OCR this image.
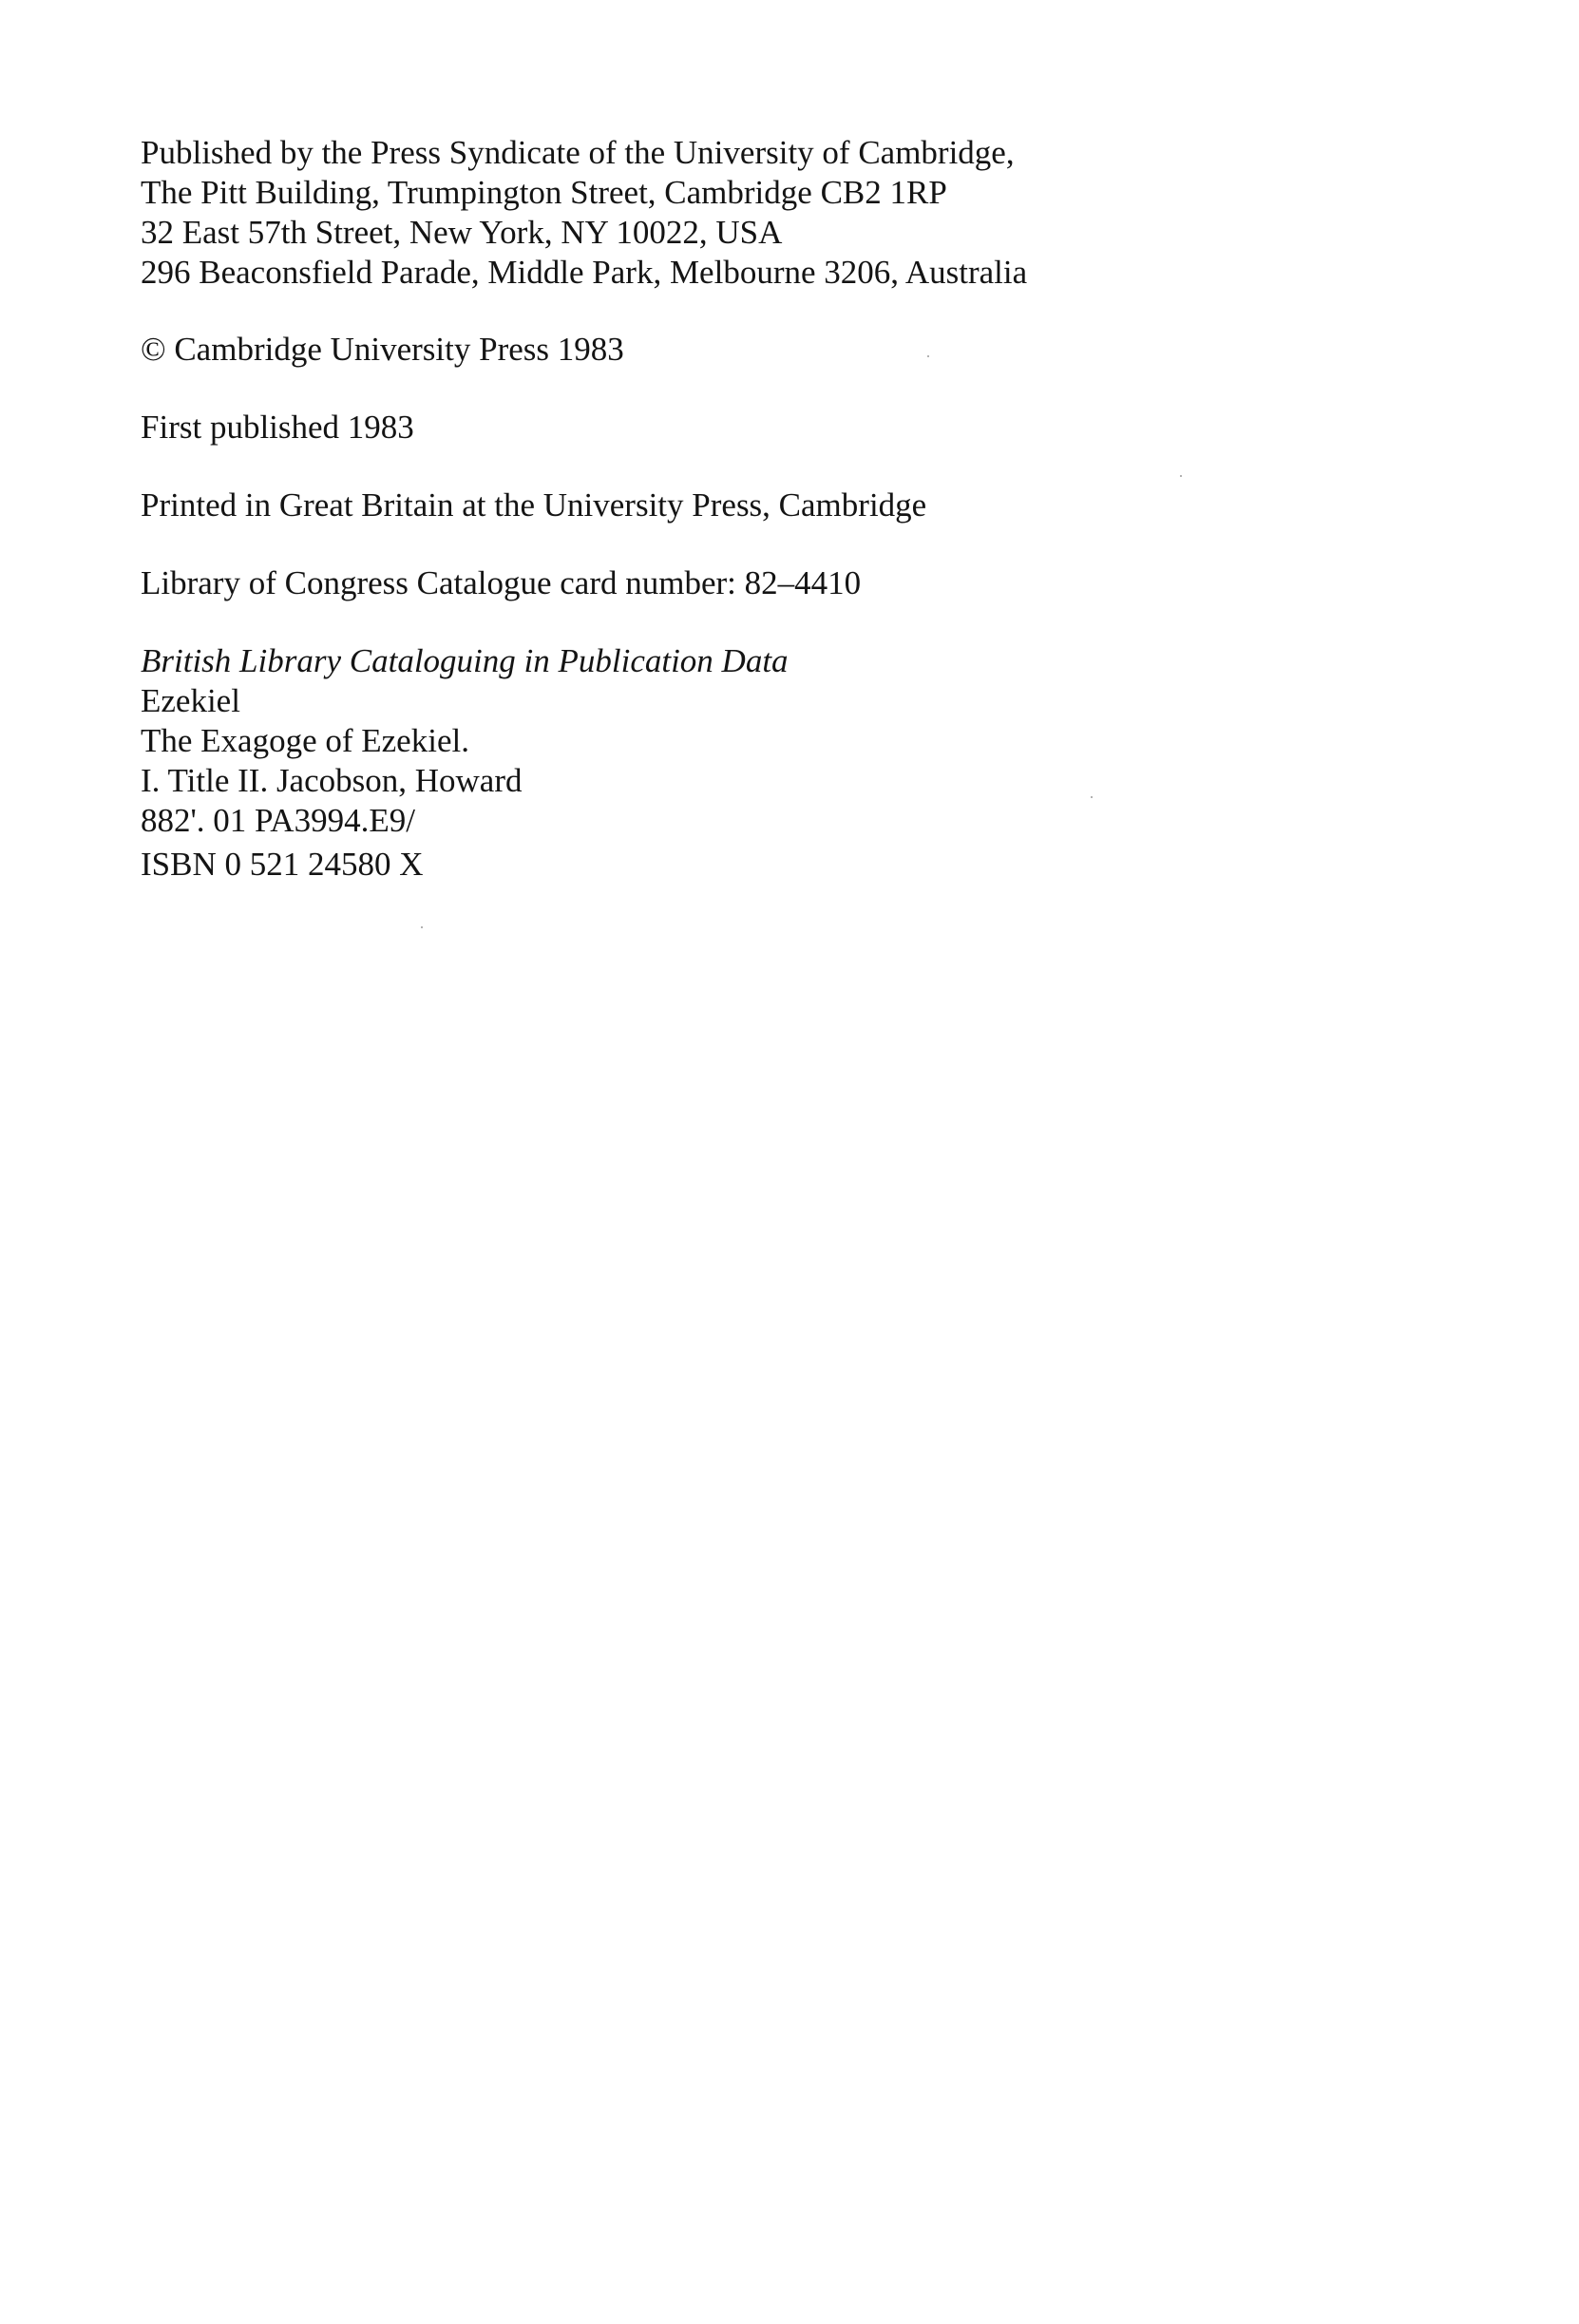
Published by the Press Syndicate of the University of Cambridge,
The Pitt Building, Trumpington Street, Cambridge CB2 1RP
32 East 57th Street, New York, NY 10022, USA
296 Beaconsfield Parade, Middle Park, Melbourne 3206, Australia
© Cambridge University Press 1983
First published 1983
Printed in Great Britain at the University Press, Cambridge
Library of Congress Catalogue card number: 82–4410
British Library Cataloguing in Publication Data
Ezekiel
The Exagoge of Ezekiel.
I. Title II. Jacobson, Howard
882'. 01 PA3994.E9/
ISBN 0 521 24580 X
